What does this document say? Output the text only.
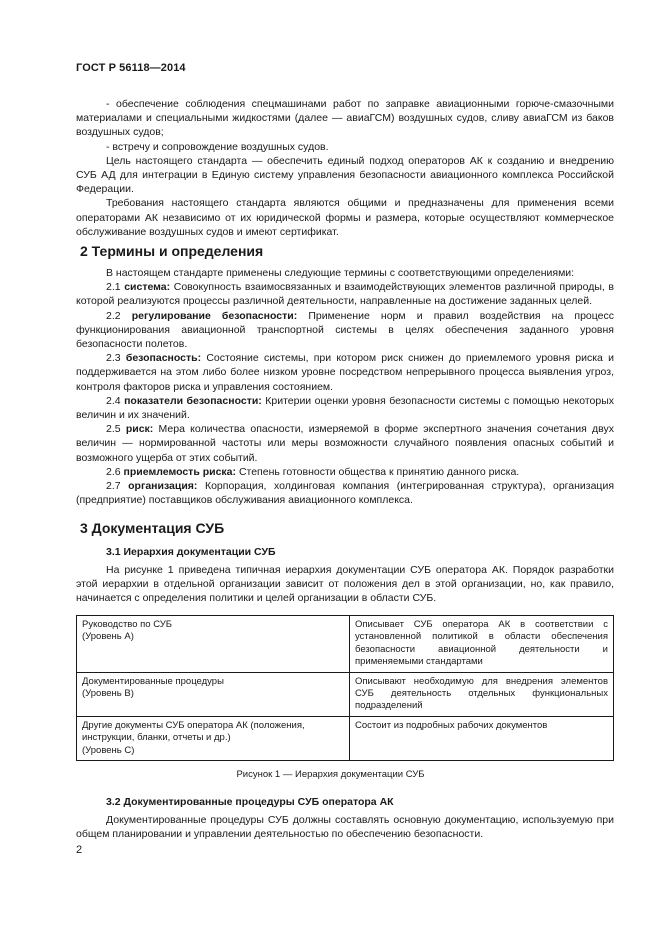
ГОСТ Р 56118—2014

- обеспечение соблюдения спецмашинами работ по заправке авиационными горюче-смазочными материалами и специальными жидкостями (далее — авиаГСМ) воздушных судов, сливу авиаГСМ из баков воздушных судов;

- встречу и сопровождение воздушных судов.

Цель настоящего стандарта — обеспечить единый подход операторов АК к созданию и внедрению СУБ АД для интеграции в Единую систему управления безопасности авиационного комплекса Российской Федерации.

Требования настоящего стандарта являются общими и предназначены для применения всеми операторами АК независимо от их юридической формы и размера, которые осуществляют коммерческое обслуживание воздушных судов и имеют сертификат.

2 Термины и определения

В настоящем стандарте применены следующие термины с соответствующими определениями:

2.1 система: Совокупность взаимосвязанных и взаимодействующих элементов различной природы, в которой реализуются процессы различной деятельности, направленные на достижение заданных целей.

2.2 регулирование безопасности: Применение норм и правил воздействия на процесс функционирования авиационной транспортной системы в целях обеспечения заданного уровня безопасности полетов.

2.3 безопасность: Состояние системы, при котором риск снижен до приемлемого уровня риска и поддерживается на этом либо более низком уровне посредством непрерывного процесса выявления угроз, контроля факторов риска и управления состоянием.

2.4 показатели безопасности: Критерии оценки уровня безопасности системы с помощью некоторых величин и их значений.

2.5 риск: Мера количества опасности, измеряемой в форме экспертного значения сочетания двух величин — нормированной частоты или меры возможности случайного появления опасных событий и возможного ущерба от этих событий.

2.6 приемлемость риска: Степень готовности общества к принятию данного риска.

2.7 организация: Корпорация, холдинговая компания (интегрированная структура), организация (предприятие) поставщиков обслуживания авиационного комплекса.

3 Документация СУБ
3.1 Иерархия документации СУБ

На рисунке 1 приведена типичная иерархия документации СУБ оператора АК. Порядок разработки этой иерархии в отдельной организации зависит от положения дел в этой организации, но, как правило, начинается с определения политики и целей организации в области СУБ.

Руководство по СУБ
(Уровень А)	Описывает СУБ оператора АК в соответствии с установленной политикой в области обеспечения безопасности авиационной деятельности и применяемыми стандартами

Документированные процедуры
(Уровень В)	Описывают необходимую для внедрения элементов СУБ деятельность отдельных функциональных подразделений

Другие документы СУБ оператора АК (положения, инструкции, бланки, отчеты и др.)
(Уровень С)	Состоит из подробных рабочих документов
Рисунок 1 — Иерархия документации СУБ
3.2 Документированные процедуры СУБ оператора АК

Документированные процедуры СУБ должны составлять основную документацию, используемую при общем планировании и управлении деятельностью по обеспечению безопасности.

2
